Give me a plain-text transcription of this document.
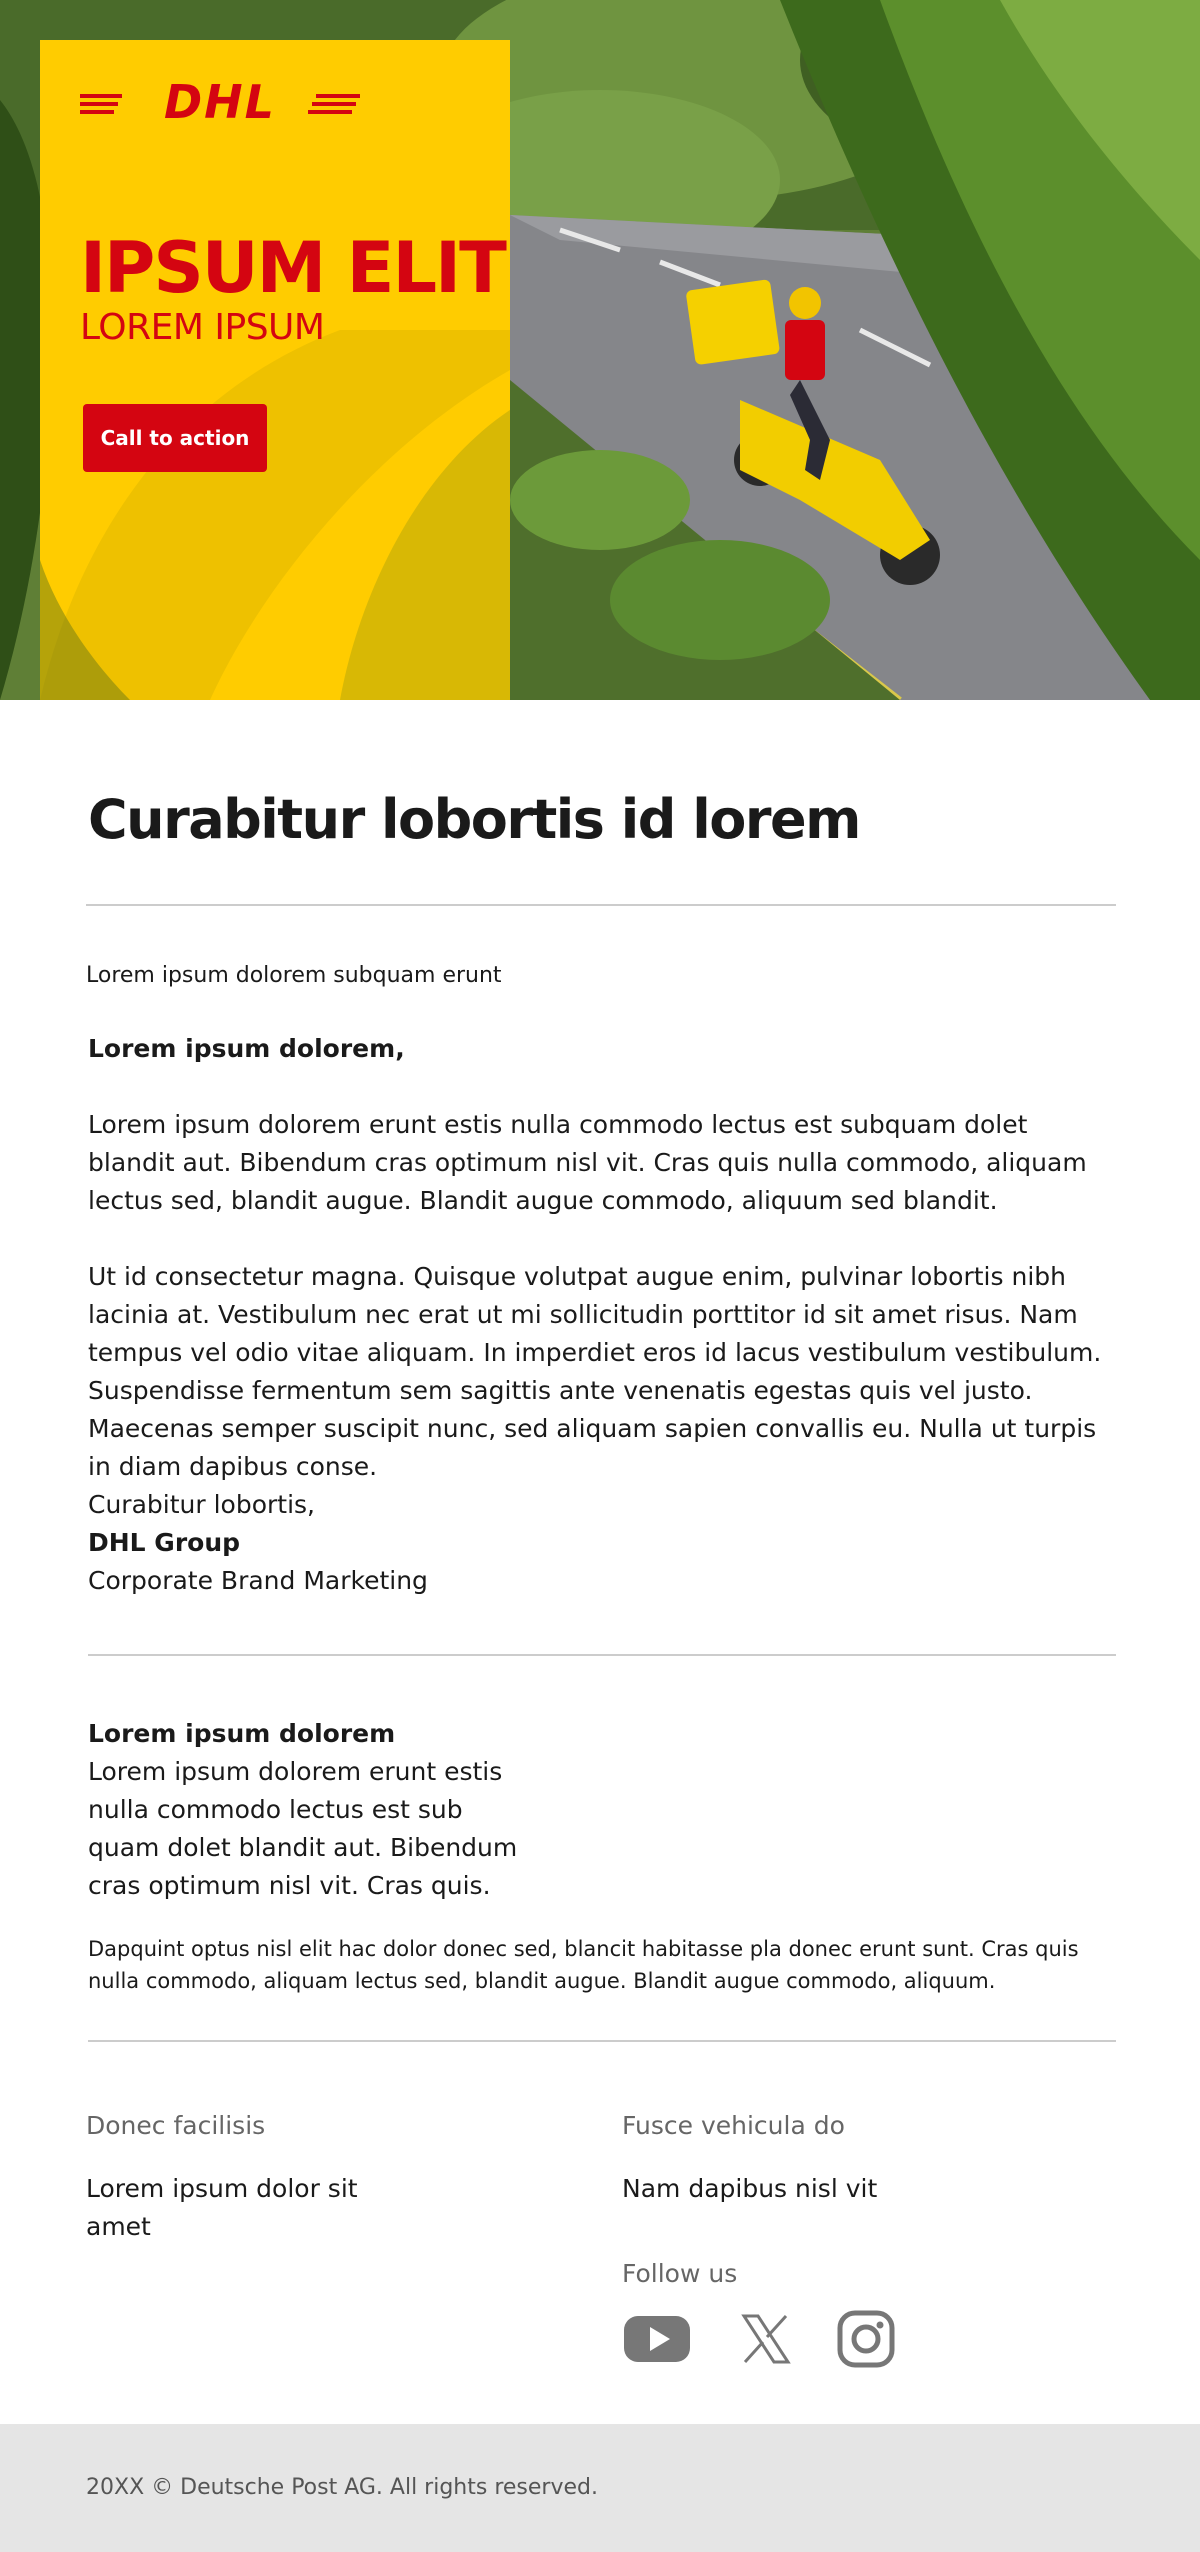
DHL
IPSUM ELIT
LOREM IPSUM
Call to action
Curabitur lobortis id lorem
Lorem ipsum dolorem subquam erunt
Lorem ipsum dolorem,

Lorem ipsum dolorem erunt estis nulla commodo lectus est subquam dolet blandit aut. Bibendum cras optimum nisl vit. Cras quis nulla commodo, aliquam lectus sed, blandit augue. Blandit augue commodo, aliquum sed blandit.

Ut id consectetur magna. Quisque volutpat augue enim, pulvinar lobortis nibh lacinia at. Vestibulum nec erat ut mi sollicitudin porttitor id sit amet risus. Nam tempus vel odio vitae aliquam. In imperdiet eros id lacus vestibulum vestibulum. Suspendisse fermentum sem sagittis ante venenatis egestas quis vel justo. Maecenas semper suscipit nunc, sed aliquam sapien convallis eu. Nulla ut turpis in diam dapibus conse.

Curabitur lobortis,
DHL Group
Corporate Brand Marketing
Lorem ipsum dolorem

Lorem ipsum dolorem erunt estis nulla commodo lectus est sub quam dolet blandit aut. Bibendum cras optimum nisl vit. Cras quis.

Dapquint optus nisl elit hac dolor donec sed, blancit habitasse pla donec erunt sunt. Cras quis nulla commodo, aliquam lectus sed, blandit augue. Blandit augue commodo, aliquum.

Donec facilisis
Lorem ipsum dolor sit amet
Fusce vehicula do
Nam dapibus nisl vit
Follow us
20XX © Deutsche Post AG. All rights reserved.
